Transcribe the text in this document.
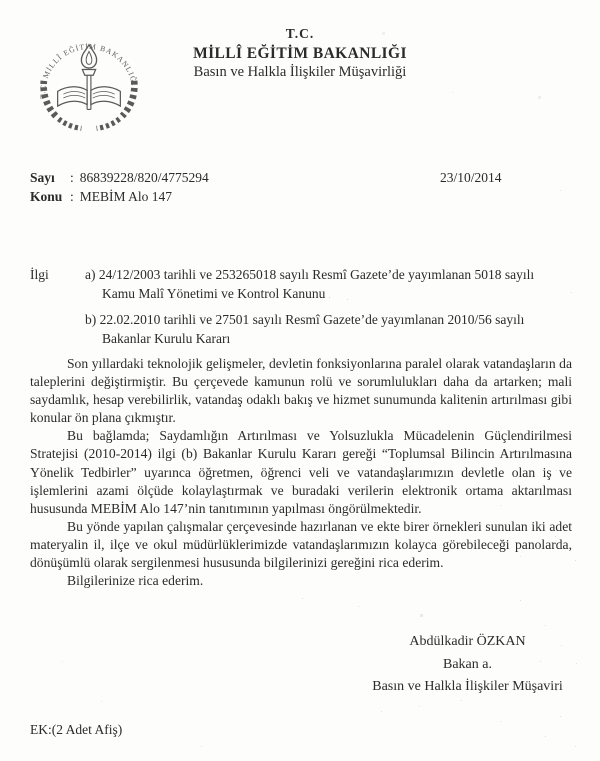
T.C. MİLLÎ EĞİTİM BAKANLIĞI
T.C.
MİLLÎ EĞİTİM BAKANLIĞI
Basın ve Halkla İlişkiler Müşavirliği
Sayı	: 86839228/820/4775294
Konu : MEBİM Alo 147
23/10/2014
İlgi	a) 24/12/2003 tarihli ve 253265018 sayılı Resmî Gazete’de yayımlanan 5018 sayılı
Kamu Malî Yönetimi ve Kontrol Kanunu
b) 22.02.2010 tarihli ve 27501 sayılı Resmî Gazete’de yayımlanan 2010/56 sayılı
Bakanlar Kurulu Kararı

Son yıllardaki teknolojik gelişmeler, devletin fonksiyonlarına paralel olarak vatandaşların da taleplerini değiştirmiştir. Bu çerçevede kamunun rolü ve sorumlulukları daha da artarken; mali saydamlık, hesap verebilirlik, vatandaş odaklı bakış ve hizmet sunumunda kalitenin artırılması gibi konular ön plana çıkmıştır.

Bu bağlamda; Saydamlığın Artırılması ve Yolsuzlukla Mücadelenin Güçlendirilmesi Stratejisi (2010-2014) ilgi (b) Bakanlar Kurulu Kararı gereği “Toplumsal Bilincin Artırılmasına Yönelik Tedbirler” uyarınca öğretmen, öğrenci veli ve vatandaşlarımızın devletle olan iş ve işlemlerini azami ölçüde kolaylaştırmak ve buradaki verilerin elektronik ortama aktarılması hususunda MEBİM Alo 147’nin tanıtımının yapılması öngörülmektedir.

Bu yönde yapılan çalışmalar çerçevesinde hazırlanan ve ekte birer örnekleri sunulan iki adet materyalin il, ilçe ve okul müdürlüklerimizde vatandaşlarımızın kolayca görebileceği panolarda, dönüşümlü olarak sergilenmesi hususunda bilgilerinizi gereğini rica ederim.

Bilgilerinize rica ederim.

Abdülkadir ÖZKAN
Bakan a.
Basın ve Halkla İlişkiler Müşaviri
EK:(2 Adet Afiş)
